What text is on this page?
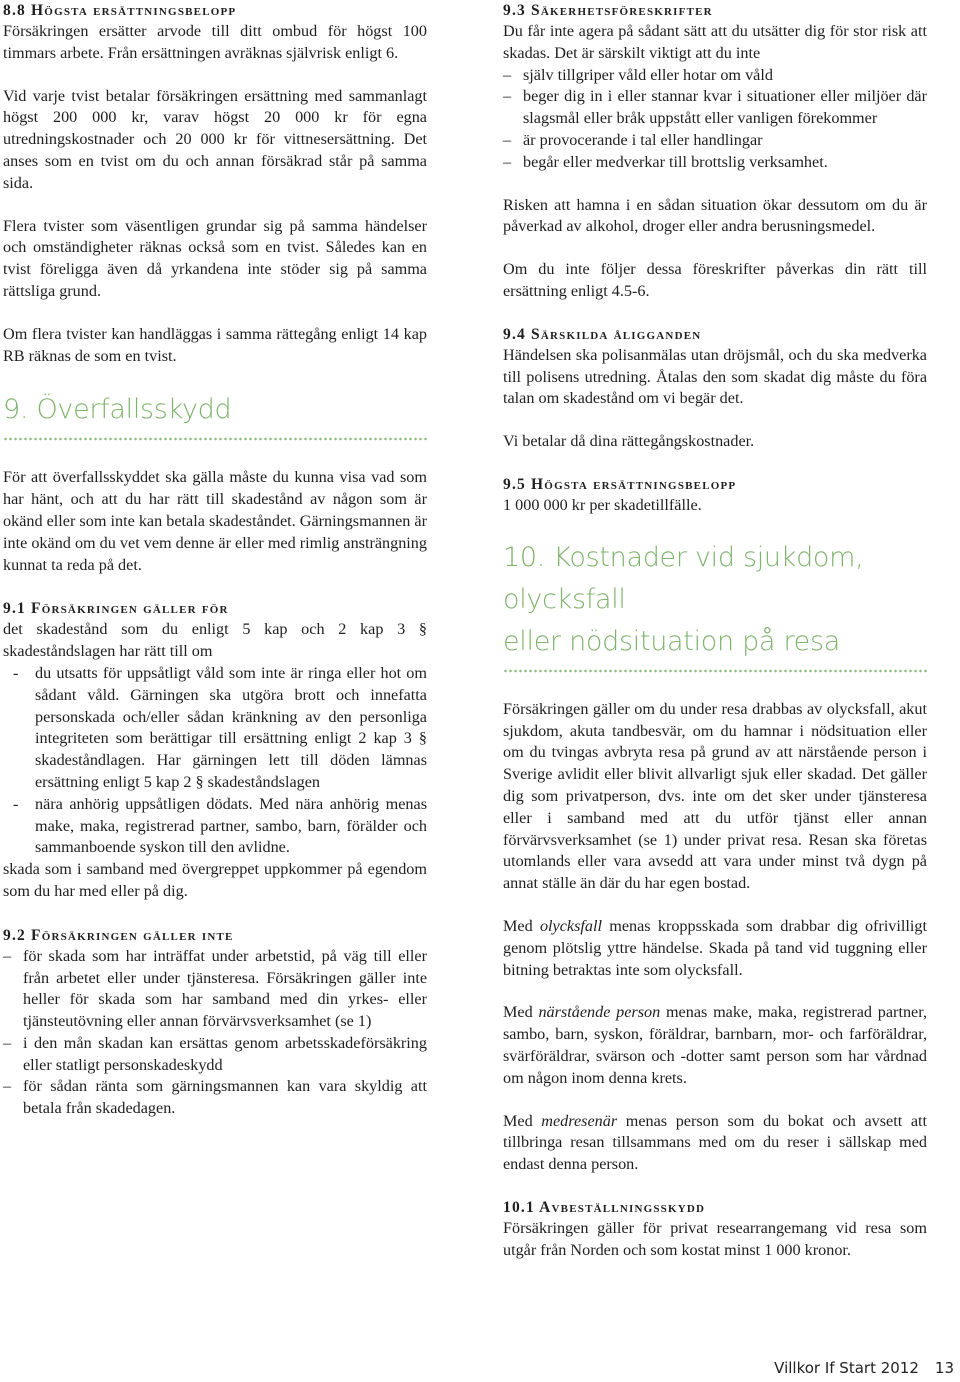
8.8 Högsta ersättningsbelopp

Försäkringen ersätter arvode till ditt ombud för högst 100 timmars arbete. Från ersättningen avräknas självrisk enligt 6.

Vid varje tvist betalar försäkringen ersättning med sammanlagt högst 200 000 kr, varav högst 20 000 kr för egna utredningskostnader och 20 000 kr för vittnesersättning. Det anses som en tvist om du och annan försäkrad står på samma sida.

Flera tvister som väsentligen grundar sig på samma händelser och omständigheter räknas också som en tvist. Således kan en tvist föreligga även då yrkandena inte stöder sig på samma rättsliga grund.

Om flera tvister kan handläggas i samma rättegång enligt 14 kap RB räknas de som en tvist.

9. Överfallsskydd

För att överfallsskyddet ska gälla måste du kunna visa vad som har hänt, och att du har rätt till skadestånd av någon som är okänd eller som inte kan betala skadeståndet. Gärningsmannen är inte okänd om du vet vem denne är eller med rimlig ansträngning kunnat ta reda på det.

9.1 Försäkringen gäller för

det skadestånd som du enligt 5 kap och 2 kap 3 § skadeståndslagen har rätt till om

- du utsatts för uppsåtligt våld som inte är ringa eller hot om sådant våld. Gärningen ska utgöra brott och innefatta personskada och/eller sådan kränkning av den personliga integriteten som berättigar till ersättning enligt 2 kap 3 § skadeståndlagen. Har gärningen lett till döden lämnas ersättning enligt 5 kap 2 § skadeståndslagen
- nära anhörig uppsåtligen dödats. Med nära anhörig menas make, maka, registrerad partner, sambo, barn, förälder och sammanboende syskon till den avlidne.

skada som i samband med övergreppet uppkommer på egendom som du har med eller på dig.

9.2 Försäkringen gäller inte
– för skada som har inträffat under arbetstid, på väg till eller från arbetet eller under tjänsteresa. Försäkringen gäller inte heller för skada som har samband med din yrkes- eller tjänsteutövning eller annan förvärvsverksamhet (se 1)
– i den mån skadan kan ersättas genom arbetsskadeförsäkring eller statligt personskadeskydd
– för sådan ränta som gärningsmannen kan vara skyldig att betala från skadedagen.
9.3 Säkerhetsföreskrifter

Du får inte agera på sådant sätt att du utsätter dig för stor risk att skadas. Det är särskilt viktigt att du inte

– själv tillgriper våld eller hotar om våld
– beger dig in i eller stannar kvar i situationer eller miljöer där slagsmål eller bråk uppstått eller vanligen förekommer
– är provocerande i tal eller handlingar
– begår eller medverkar till brottslig verksamhet.

Risken att hamna i en sådan situation ökar dessutom om du är påverkad av alkohol, droger eller andra berusningsmedel.

Om du inte följer dessa föreskrifter påverkas din rätt till ersättning enligt 4.5-6.

9.4 Särskilda åligganden

Händelsen ska polisanmälas utan dröjsmål, och du ska medverka till polisens utredning. Åtalas den som skadat dig måste du föra talan om skadestånd om vi begär det.

Vi betalar då dina rättegångskostnader.

9.5 Högsta ersättningsbelopp

1 000 000 kr per skadetillfälle.

10. Kostnader vid sjukdom, olycksfall
eller nödsituation på resa

Försäkringen gäller om du under resa drabbas av olycksfall, akut sjukdom, akuta tandbesvär, om du hamnar i nödsituation eller om du tvingas avbryta resa på grund av att närstående person i Sverige avlidit eller blivit allvarligt sjuk eller skadad. Det gäller dig som privatperson, dvs. inte om det sker under tjänsteresa eller i samband med att du utför tjänst eller annan förvärvsverksamhet (se 1) under privat resa. Resan ska företas utomlands eller vara avsedd att vara under minst två dygn på annat ställe än där du har egen bostad.

Med olycksfall menas kroppsskada som drabbar dig ofrivilligt genom plötslig yttre händelse. Skada på tand vid tuggning eller bitning betraktas inte som olycksfall.

Med närstående person menas make, maka, registrerad partner, sambo, barn, syskon, föräldrar, barnbarn, mor- och farföräldrar, svärföräldrar, svärson och -dotter samt person som har vårdnad om någon inom denna krets.

Med medresenär menas person som du bokat och avsett att tillbringa resan tillsammans med om du reser i sällskap med endast denna person.

10.1 Avbeställningsskydd

Försäkringen gäller för privat researrangemang vid resa som utgår från Norden och som kostat minst 1 000 kronor.

Villkor If Start 2012 13
